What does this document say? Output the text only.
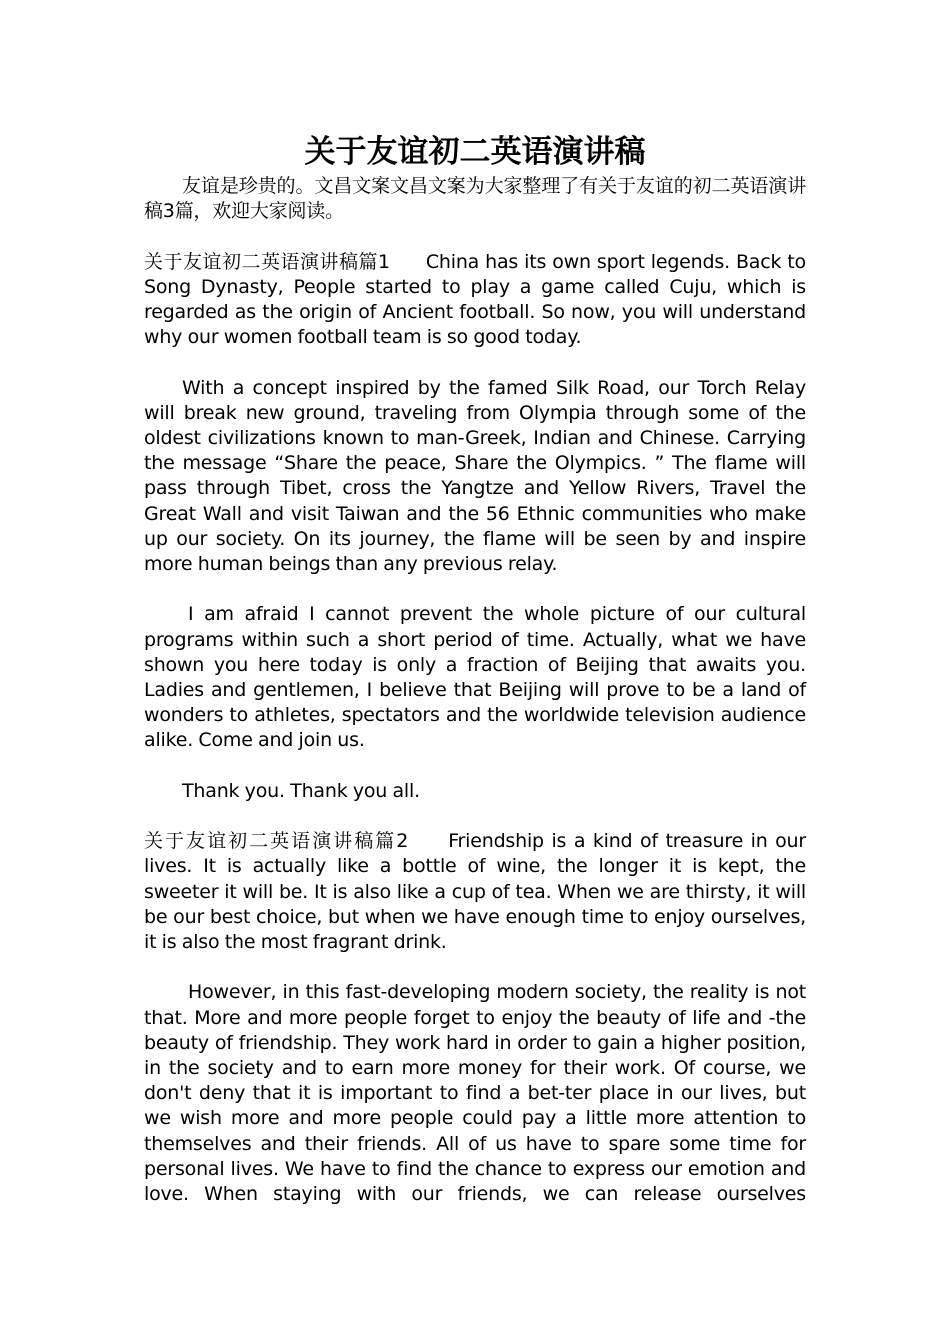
关于友谊初二英语演讲稿

友谊是珍贵的。文昌文案文昌文案为大家整理了有关于友谊的初二英语演讲稿3篇，欢迎大家阅读。

关于友谊初二英语演讲稿篇1 China has its own sport legends. Back to Song Dynasty, People started to play a game called Cuju, which is regarded as the origin of Ancient football. So now, you will understand why our women football team is so good today.

With a concept inspired by the famed Silk Road, our Torch Relay will break new ground, traveling from Olympia through some of the oldest civilizations known to man-Greek, Indian and Chinese. Carrying the message “Share the peace, Share the Olympics. ” The flame will pass through Tibet, cross the Yangtze and Yellow Rivers, Travel the Great Wall and visit Taiwan and the 56 Ethnic communities who make up our society. On its journey, the flame will be seen by and inspire more human beings than any previous relay.

I am afraid I cannot prevent the whole picture of our cultural programs within such a short period of time. Actually, what we have shown you here today is only a fraction of Beijing that awaits you. Ladies and gentlemen, I believe that Beijing will prove to be a land of wonders to athletes, spectators and the worldwide television audience alike. Come and join us.

Thank you. Thank you all.

关于友谊初二英语演讲稿篇2 Friendship is a kind of treasure in our lives. It is actually like a bottle of wine, the longer it is kept, the sweeter it will be. It is also like a cup of tea. When we are thirsty, it will be our best choice, but when we have enough time to enjoy ourselves, it is also the most fragrant drink.

However, in this fast-developing modern society, the reality is not that. More and more people forget to enjoy the beauty of life and -the beauty of friendship. They work hard in order to gain a higher position, in the society and to earn more money for their work. Of course, we don't deny that it is important to find a bet-ter place in our lives, but we wish more and more people could pay a little more attention to themselves and their friends. All of us have to spare some time for personal lives. We have to find the chance to express our emotion and love. When staying with our friends, we can release ourselves
